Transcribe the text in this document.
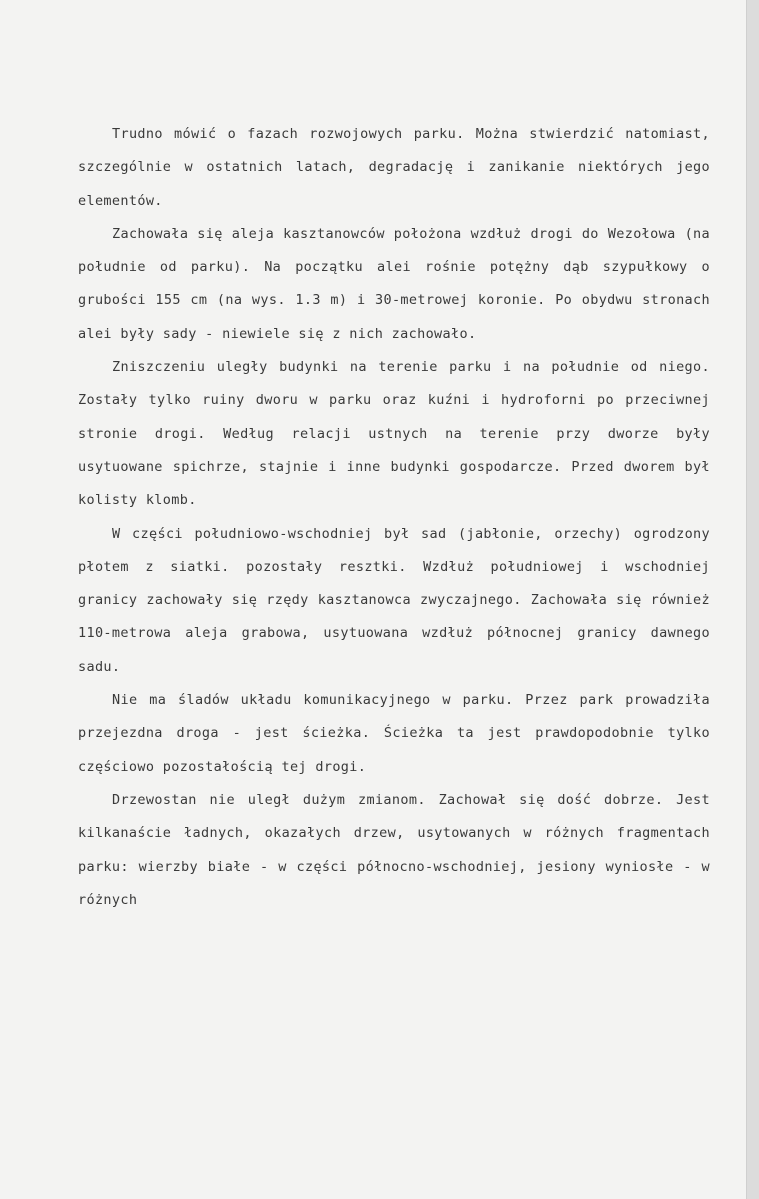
Trudno mówić o fazach rozwojowych parku. Można stwierdzić natomiast, szczególnie w ostatnich latach, degradację i zanikanie niektórych jego elementów.

Zachowała się aleja kasztanowców położona wzdłuż drogi do Wezołowa (na południe od parku). Na początku alei rośnie potężny dąb szypułkowy o grubości 155 cm (na wys. 1.3 m) i 30-metrowej koronie. Po obydwu stronach alei były sady - niewiele się z nich zachowało.

Zniszczeniu uległy budynki na terenie parku i na południe od niego. Zostały tylko ruiny dworu w parku oraz kuźni i hydroforni po przeciwnej stronie drogi. Według relacji ustnych na terenie przy dworze były usytuowane spichrze, stajnie i inne budynki gospodarcze. Przed dworem był kolisty klomb.

W części południowo-wschodniej był sad (jabłonie, orzechy) ogrodzony płotem z siatki. pozostały resztki. Wzdłuż południowej i wschodniej granicy zachowały się rzędy kasztanowca zwyczajnego. Zachowała się również 110-metrowa aleja grabowa, usytuowana wzdłuż północnej granicy dawnego sadu.

Nie ma śladów układu komunikacyjnego w parku. Przez park prowadziła przejezdna droga - jest ścieżka. Ścieżka ta jest prawdopodobnie tylko częściowo pozostałością tej drogi.

Drzewostan nie uległ dużym zmianom. Zachował się dość dobrze. Jest kilkanaście ładnych, okazałych drzew, usytowanych w różnych fragmentach parku: wierzby białe - w części północno-wschodniej, jesiony wyniosłe - w różnych
